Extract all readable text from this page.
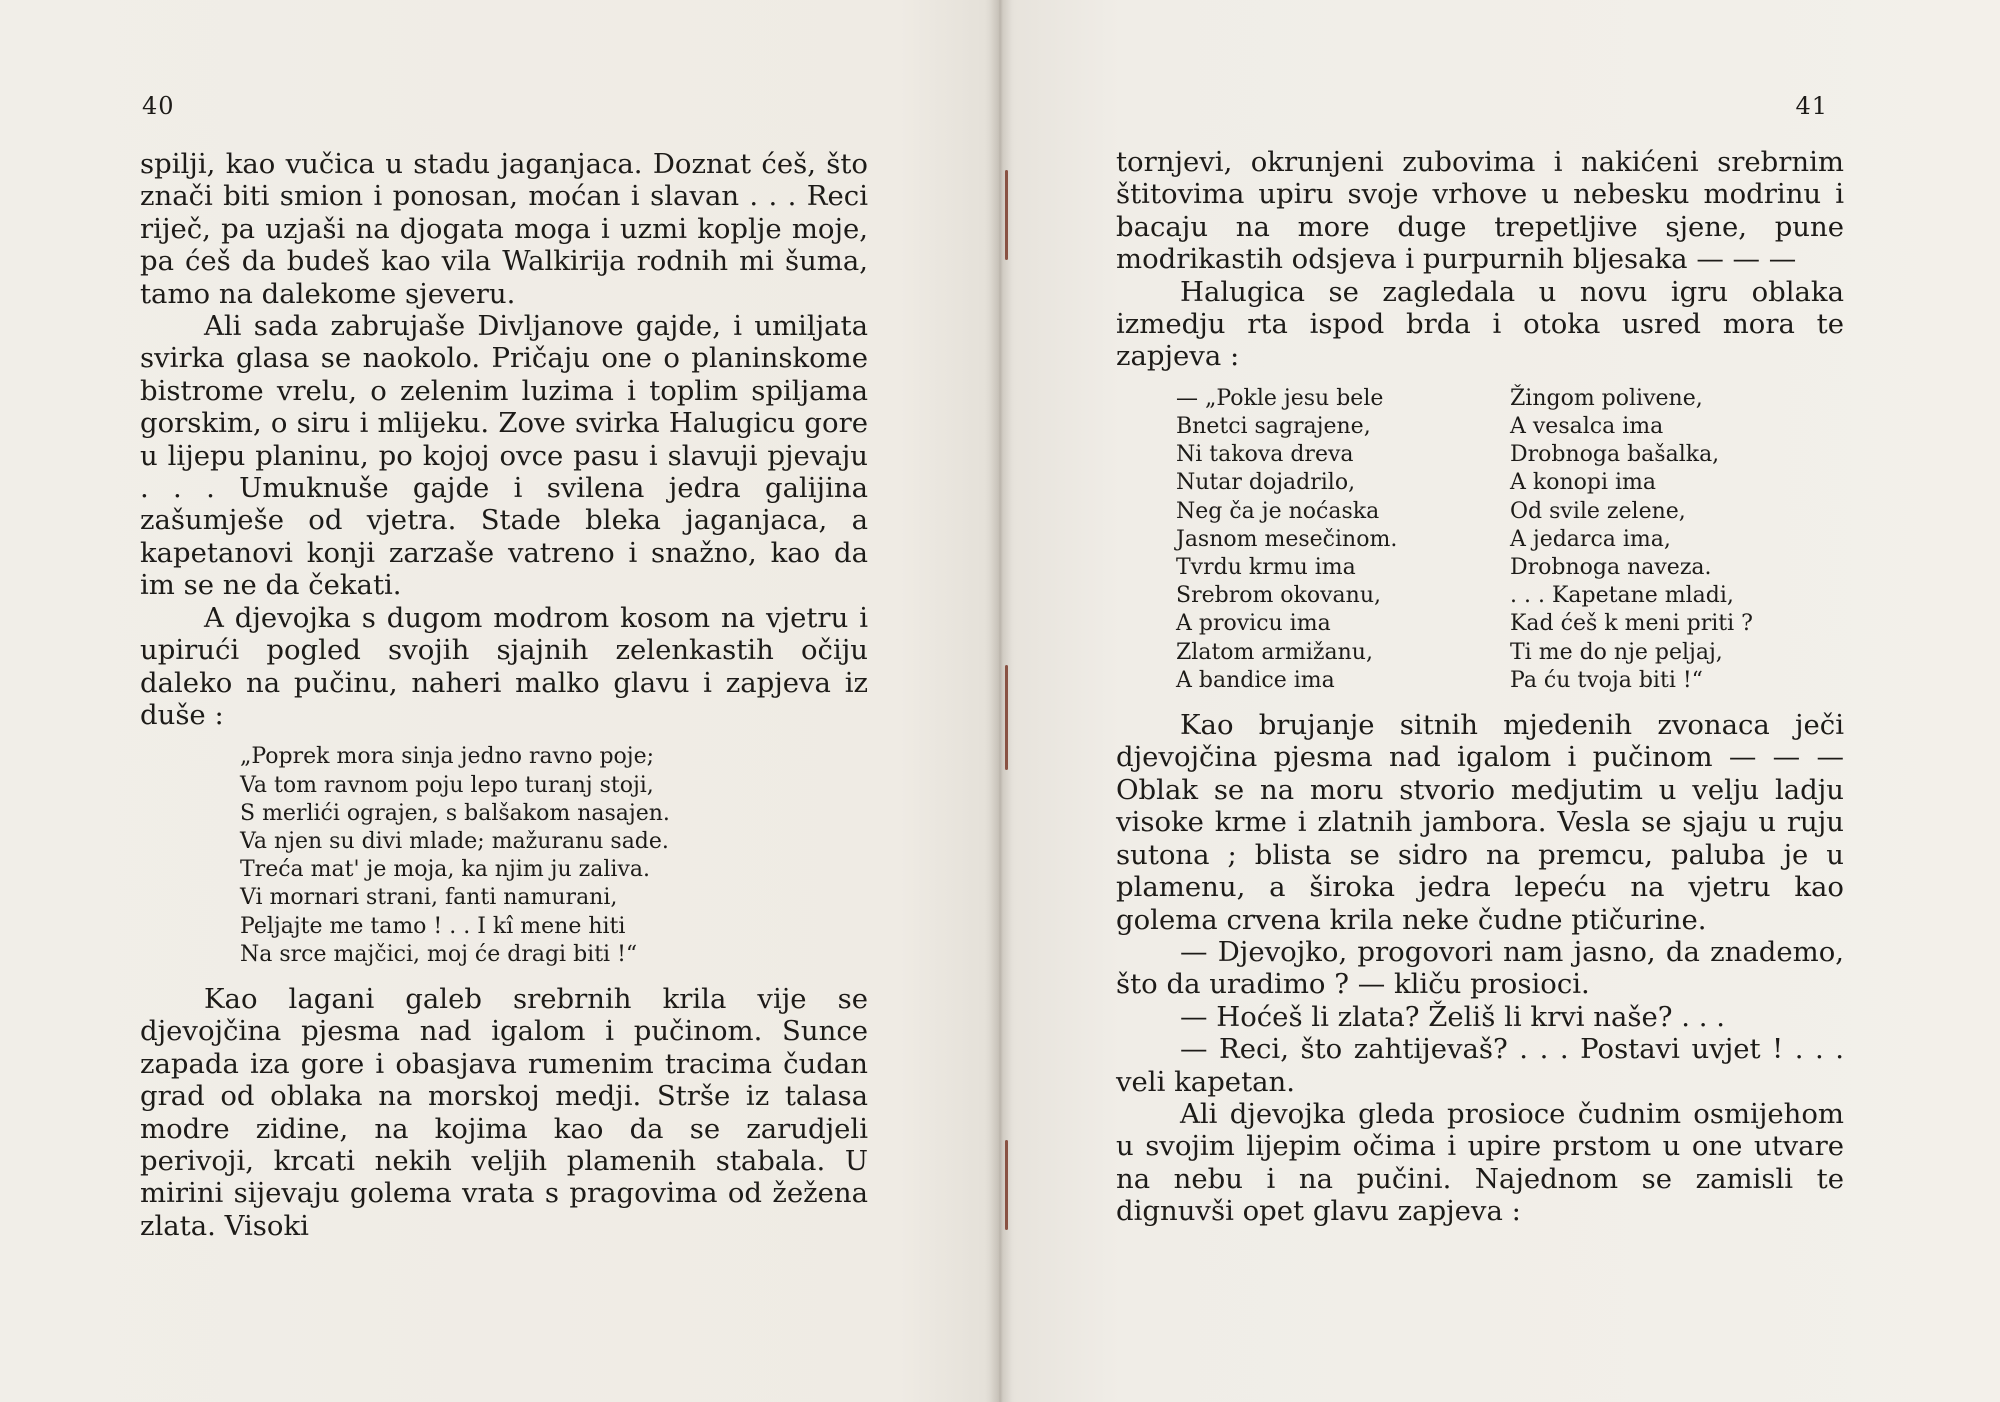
40

spilji, kao vučica u stadu jaganjaca. Doznat ćeš, što znači biti smion i ponosan, moćan i slavan . . . Reci riječ, pa uzjaši na djogata moga i uzmi koplje moje, pa ćeš da budeš kao vila Walkirija rodnih mi šuma, tamo na dalekome sjeveru.

Ali sada zabrujaše Divljanove gajde, i umiljata svirka glasa se naokolo. Pričaju one o planinskome bistrome vrelu, o zelenim luzima i toplim spiljama gorskim, o siru i mlijeku. Zove svirka Halugicu gore u lijepu planinu, po kojoj ovce pasu i slavuji pjevaju . . . Umuknuše gajde i svilena jedra galijina zašumješe od vjetra. Stade bleka jaganjaca, a kapetanovi konji zarzaše vatreno i snažno, kao da im se ne da čekati.

A djevojka s dugom modrom kosom na vjetru i upirući pogled svojih sjajnih zelenkastih očiju daleko na pučinu, naheri malko glavu i zapjeva iz duše :

„Poprek mora sinja jedno ravno poje;
Va tom ravnom poju lepo turanj stoji,
S merlići ograjen, s balšakom nasajen.
Va njen su divi mlade; mažuranu sade.
Treća mat' je moja, ka njim ju zaliva.
Vi mornari strani, fanti namurani,
Peljajte me tamo ! . . I kî mene hiti
Na srce majčici, moj će dragi biti !“

Kao lagani galeb srebrnih krila vije se djevojčina pjesma nad igalom i pučinom. Sunce zapada iza gore i obasjava rumenim tracima čudan grad od oblaka na morskoj medji. Strše iz talasa modre zidine, na kojima kao da se zarudjeli perivoji, krcati nekih veljih plamenih stabala. U mirini sijevaju golema vrata s pragovima od žežena zlata. Visoki

41

tornjevi, okrunjeni zubovima i nakićeni srebrnim štitovima upiru svoje vrhove u nebesku modrinu i bacaju na more duge trepetljive sjene, pune modrikastih odsjeva i purpurnih bljesaka — — —

Halugica se zagledala u novu igru oblaka izmedju rta ispod brda i otoka usred mora te zapjeva :

— „Pokle jesu bele
Bnetci sagrajene,
Ni takova dreva
Nutar dojadrilo,
Neg ča je noćaska
Jasnom mesečinom.
Tvrdu krmu ima
Srebrom okovanu,
A provicu ima
Zlatom armižanu,
A bandice ima
Žingom polivene,
A vesalca ima
Drobnoga bašalka,
A konopi ima
Od svile zelene,
A jedarca ima,
Drobnoga naveza.
. . . Kapetane mladi,
Kad ćeš k meni priti ?
Ti me do nje peljaj,
Pa ću tvoja biti !“

Kao brujanje sitnih mjedenih zvonaca ječi djevojčina pjesma nad igalom i pučinom — — — Oblak se na moru stvorio medjutim u velju ladju visoke krme i zlatnih jambora. Vesla se sjaju u ruju sutona ; blista se sidro na premcu, paluba je u plamenu, a široka jedra lepeću na vjetru kao golema crvena krila neke čudne ptičurine.

— Djevojko, progovori nam jasno, da znademo, što da uradimo ? — kliču prosioci.

— Hoćeš li zlata? Želiš li krvi naše? . . .

— Reci, što zahtijevaš? . . . Postavi uvjet ! . . . veli kapetan.

Ali djevojka gleda prosioce čudnim osmijehom u svojim lijepim očima i upire prstom u one utvare na nebu i na pučini. Najednom se zamisli te dignuvši opet glavu zapjeva :
